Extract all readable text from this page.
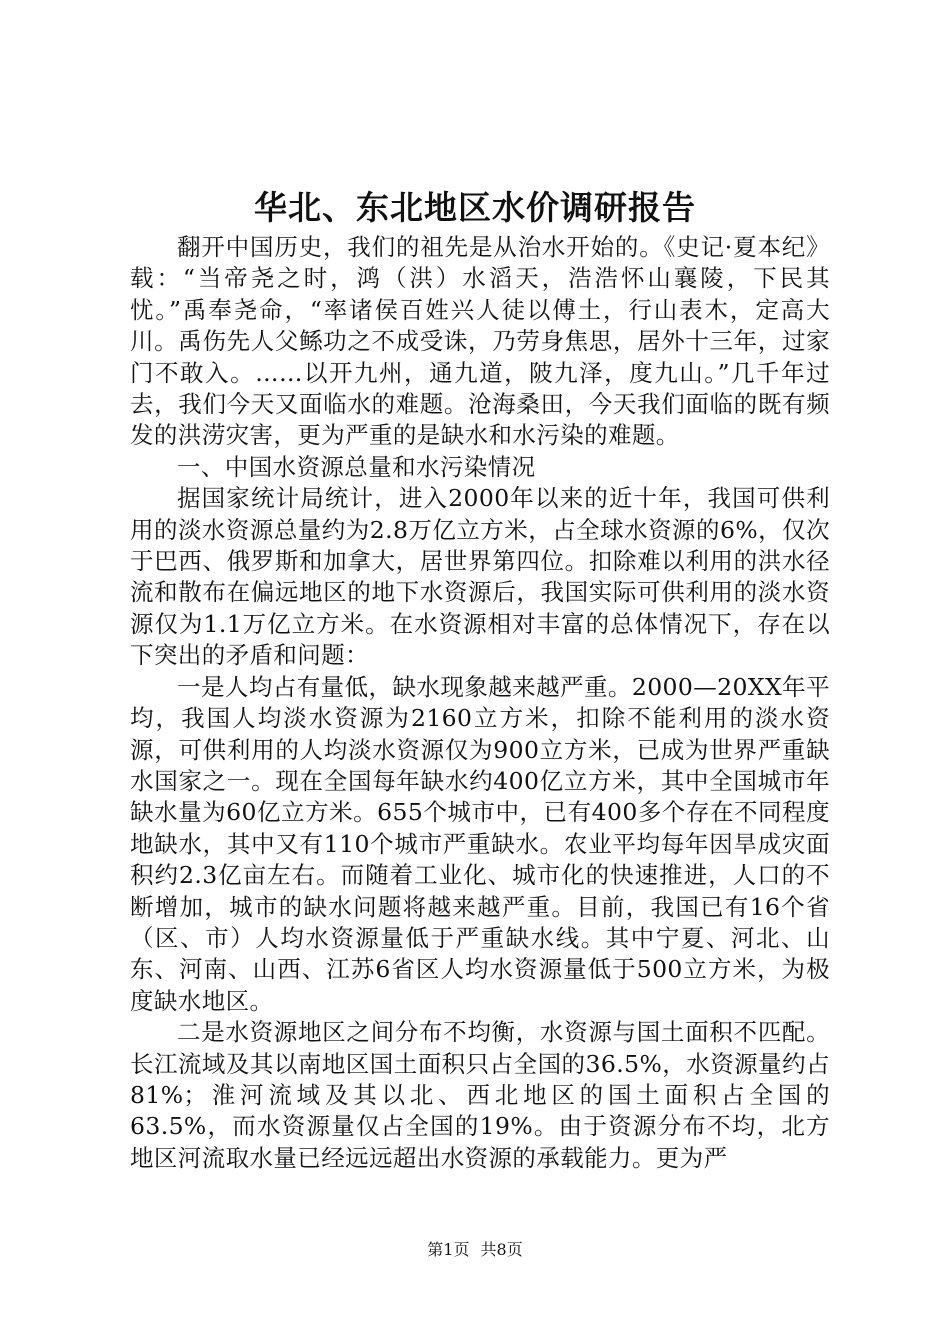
华北、东北地区水价调研报告

翻开中国历史，我们的祖先是从治水开始的。《史记·夏本纪》载：“当帝尧之时，鸿（洪）水滔天，浩浩怀山襄陵，下民其忧。”禹奉尧命，“率诸侯百姓兴人徒以傅土，行山表木，定高大川。禹伤先人父鲧功之不成受诛，乃劳身焦思，居外十三年，过家门不敢入。……以开九州，通九道，陂九泽，度九山。”几千年过去，我们今天又面临水的难题。沧海桑田，今天我们面临的既有频发的洪涝灾害，更为严重的是缺水和水污染的难题。

一、中国水资源总量和水污染情况

据国家统计局统计，进入2000年以来的近十年，我国可供利用的淡水资源总量约为2.8万亿立方米，占全球水资源的6%，仅次于巴西、俄罗斯和加拿大，居世界第四位。扣除难以利用的洪水径流和散布在偏远地区的地下水资源后，我国实际可供利用的淡水资源仅为1.1万亿立方米。在水资源相对丰富的总体情况下，存在以下突出的矛盾和问题：

一是人均占有量低，缺水现象越来越严重。2000—20XX年平均，我国人均淡水资源为2160立方米，扣除不能利用的淡水资源，可供利用的人均淡水资源仅为900立方米，已成为世界严重缺水国家之一。现在全国每年缺水约400亿立方米，其中全国城市年缺水量为60亿立方米。655个城市中，已有400多个存在不同程度地缺水，其中又有110个城市严重缺水。农业平均每年因旱成灾面积约2.3亿亩左右。而随着工业化、城市化的快速推进，人口的不断增加，城市的缺水问题将越来越严重。目前，我国已有16个省（区、市）人均水资源量低于严重缺水线。其中宁夏、河北、山东、河南、山西、江苏6省区人均水资源量低于500立方米，为极度缺水地区。

二是水资源地区之间分布不均衡，水资源与国土面积不匹配。长江流域及其以南地区国土面积只占全国的36.5%，水资源量约占81%；淮河流域及其以北、西北地区的国土面积占全国的63.5%，而水资源量仅占全国的19%。由于资源分布不均，北方地区河流取水量已经远远超出水资源的承载能力。更为严

第1页 共8页
